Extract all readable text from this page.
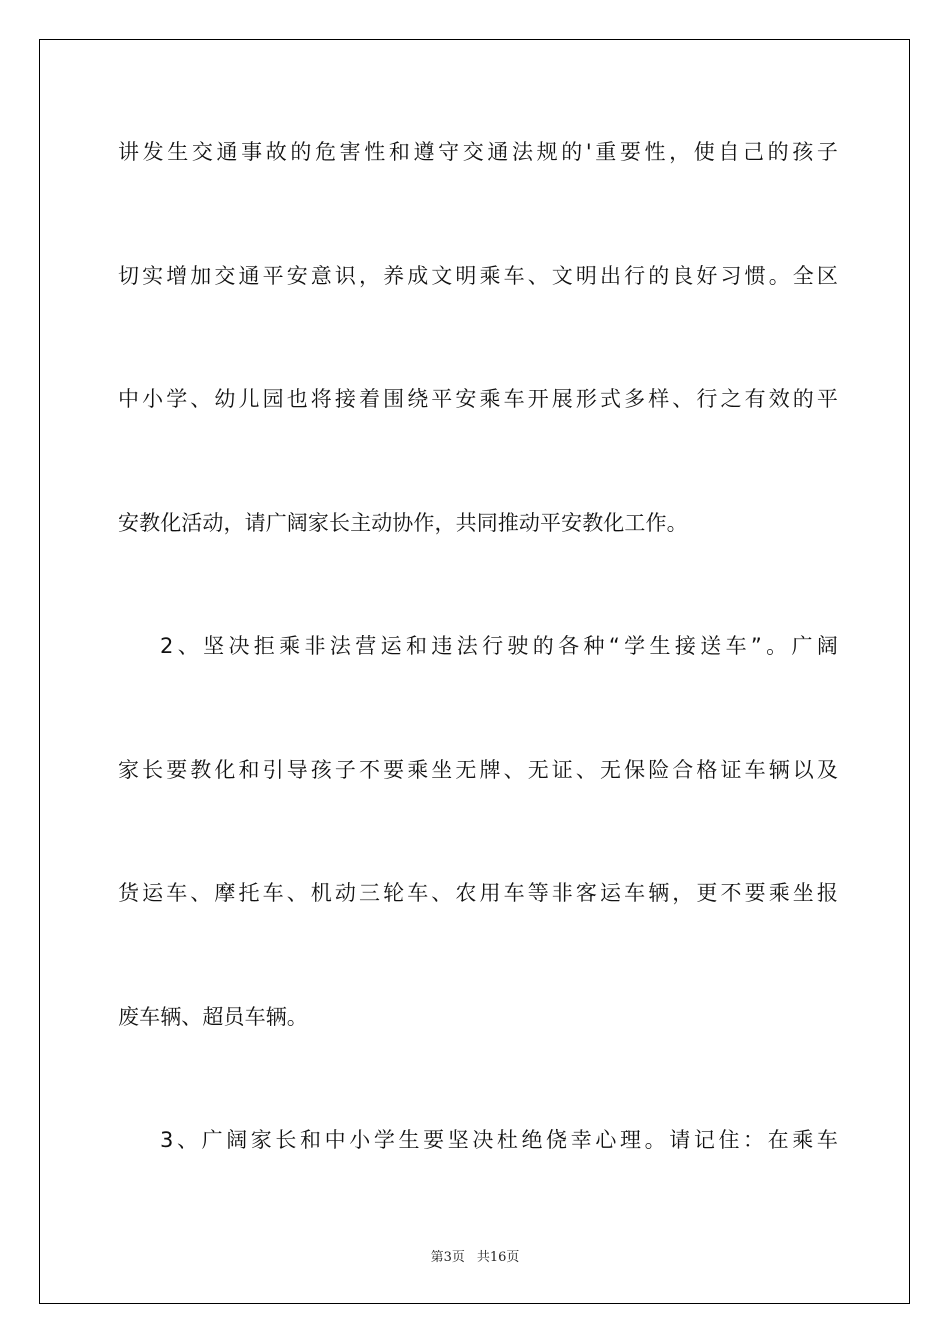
讲发生交通事故的危害性和遵守交通法规的'重要性，使自己的孩子
切实增加交通平安意识，养成文明乘车、文明出行的良好习惯。全区
中小学、幼儿园也将接着围绕平安乘车开展形式多样、行之有效的平
安教化活动，请广阔家长主动协作，共同推动平安教化工作。
2、坚决拒乘非法营运和违法行驶的各种“学生接送车”。广阔
家长要教化和引导孩子不要乘坐无牌、无证、无保险合格证车辆以及
货运车、摩托车、机动三轮车、农用车等非客运车辆，更不要乘坐报
废车辆、超员车辆。
3、广阔家长和中小学生要坚决杜绝侥幸心理。请记住：在乘车
第3页 共16页
